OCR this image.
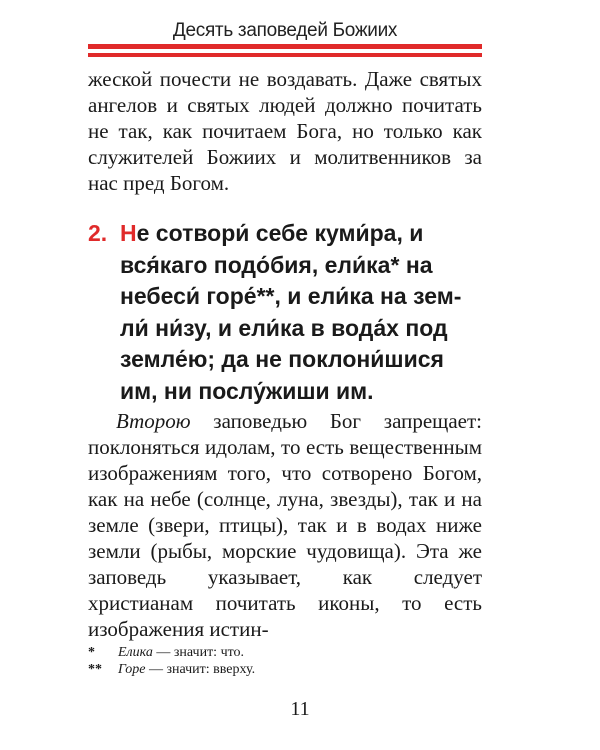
Десять заповедей Божиих
жеской почести не воздавать. Даже святых ангелов и святых людей должно почитать не так, как почитаем Бога, но только как служителей Божиих и молитвенников за нас пред Богом.
2. Не сотвори́ себе куми́ра, и
вся́каго подо́бия, ели́ка* на
небеси́ горе́**, и ели́ка на зем-
ли́ ни́зу, и ели́ка в вода́х под
земле́ю; да не поклони́шися
им, ни послу́жиши им.
Второю заповедью Бог запрещает: поклоняться идолам, то есть вещественным изображениям того, что сотворено Богом, как на небе (солнце, луна, звезды), так и на земле (звери, птицы), так и в водах ниже земли (рыбы, морские чудовища). Эта же заповедь указывает, как следует христианам почитать иконы, то есть изображения истин-
* Елика — значит: что.
** Горе — значит: вверху.
11
